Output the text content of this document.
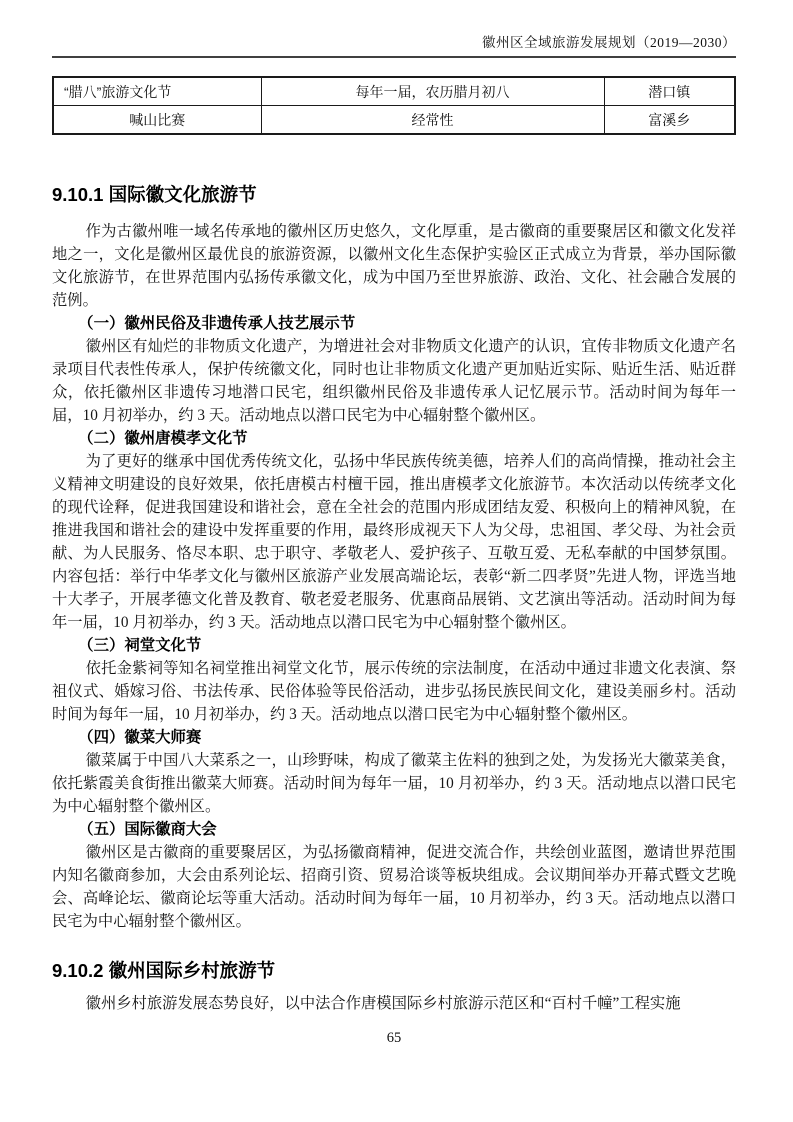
徽州区全域旅游发展规划（2019—2030）
“腊八”旅游文化节	每年一届，农历腊月初八	潜口镇
喊山比赛	经常性	富溪乡
9.10.1 国际徽文化旅游节

作为古徽州唯一域名传承地的徽州区历史悠久，文化厚重，是古徽商的重要聚居区和徽文化发祥地之一，文化是徽州区最优良的旅游资源，以徽州文化生态保护实验区正式成立为背景，举办国际徽文化旅游节，在世界范围内弘扬传承徽文化，成为中国乃至世界旅游、政治、文化、社会融合发展的范例。

（一）徽州民俗及非遗传承人技艺展示节

徽州区有灿烂的非物质文化遗产，为增进社会对非物质文化遗产的认识，宜传非物质文化遗产名录项目代表性传承人，保护传统徽文化，同时也让非物质文化遗产更加贴近实际、贴近生活、贴近群众，依托徽州区非遗传习地潜口民宅，组织徽州民俗及非遗传承人记忆展示节。活动时间为每年一届，10 月初举办，约 3 天。活动地点以潜口民宅为中心辐射整个徽州区。

（二）徽州唐模孝文化节

为了更好的继承中国优秀传统文化，弘扬中华民族传统美德，培养人们的高尚情操，推动社会主义精神文明建设的良好效果，依托唐模古村檀干园，推出唐模孝文化旅游节。本次活动以传统孝文化的现代诠释，促进我国建设和谐社会，意在全社会的范围内形成团结友爱、积极向上的精神风貌，在推进我国和谐社会的建设中发挥重要的作用，最终形成视天下人为父母，忠祖国、孝父母、为社会贡献、为人民服务、恪尽本职、忠于职守、孝敬老人、爱护孩子、互敬互爱、无私奉献的中国梦氛围。内容包括：举行中华孝文化与徽州区旅游产业发展高端论坛，表彰“新二四孝贤”先进人物，评选当地十大孝子，开展孝德文化普及教育、敬老爱老服务、优惠商品展销、文艺演出等活动。活动时间为每年一届，10 月初举办，约 3 天。活动地点以潜口民宅为中心辐射整个徽州区。

（三）祠堂文化节

依托金紫祠等知名祠堂推出祠堂文化节，展示传统的宗法制度，在活动中通过非遗文化表演、祭祖仪式、婚嫁习俗、书法传承、民俗体验等民俗活动，进步弘扬民族民间文化，建设美丽乡村。活动时间为每年一届，10 月初举办，约 3 天。活动地点以潜口民宅为中心辐射整个徽州区。

（四）徽菜大师赛

徽菜属于中国八大菜系之一，山珍野味，构成了徽菜主佐料的独到之处，为发扬光大徽菜美食，依托紫霞美食街推出徽菜大师赛。活动时间为每年一届，10 月初举办，约 3 天。活动地点以潜口民宅为中心辐射整个徽州区。

（五）国际徽商大会

徽州区是古徽商的重要聚居区，为弘扬徽商精神，促进交流合作，共绘创业蓝图，邀请世界范围内知名徽商参加，大会由系列论坛、招商引资、贸易洽谈等板块组成。会议期间举办开幕式暨文艺晚会、高峰论坛、徽商论坛等重大活动。活动时间为每年一届，10 月初举办，约 3 天。活动地点以潜口民宅为中心辐射整个徽州区。

9.10.2 徽州国际乡村旅游节

徽州乡村旅游发展态势良好，以中法合作唐模国际乡村旅游示范区和“百村千幢”工程实施

65
